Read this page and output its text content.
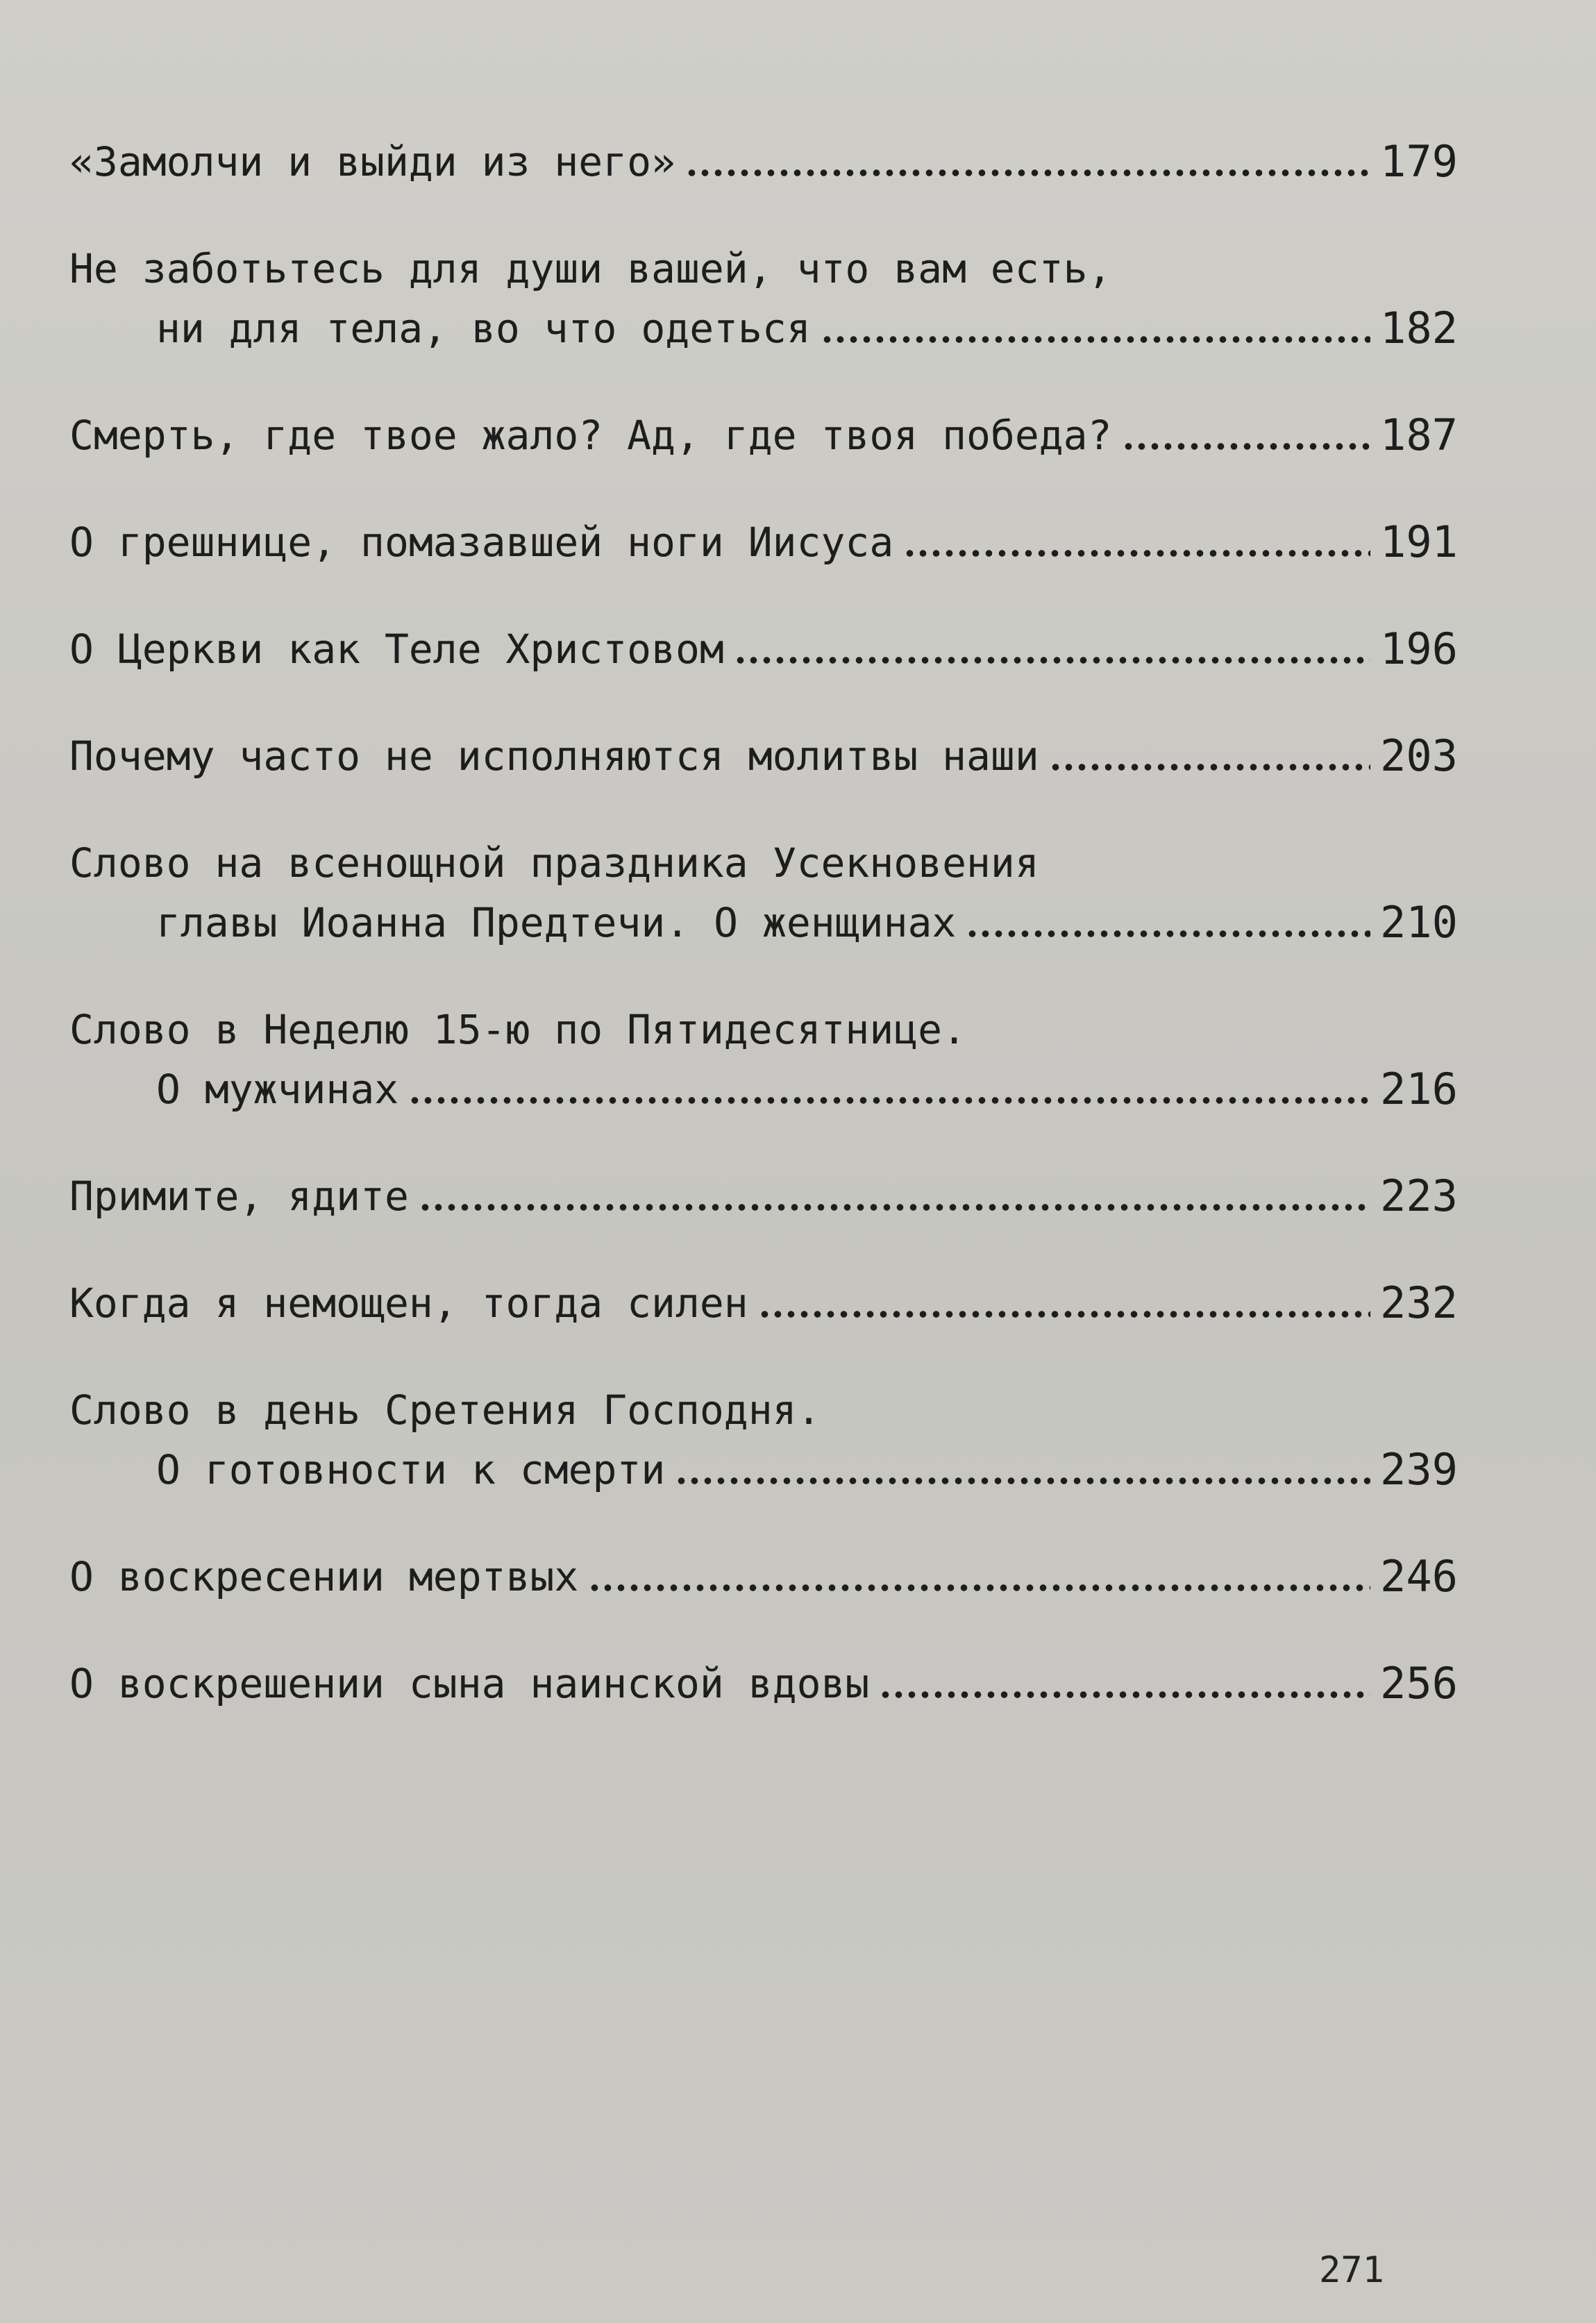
«Замолчи и выйди из него»	179
Не заботьтесь для души вашей, что вам есть,
ни для тела, во что одеться	182
Смерть, где твое жало? Ад, где твоя победа?	187
О грешнице, помазавшей ноги Иисуса	191
О Церкви как Теле Христовом	196
Почему часто не исполняются молитвы наши	203
Слово на всенощной праздника Усекновения
главы Иоанна Предтечи. О женщинах	210
Слово в Неделю 15-ю по Пятидесятнице.
О мужчинах	216
Примите, ядите	223
Когда я немощен, тогда силен	232
Слово в день Сретения Господня.
О готовности к смерти	239
О воскресении мертвых	246
О воскрешении сына наинской вдовы	256
271
